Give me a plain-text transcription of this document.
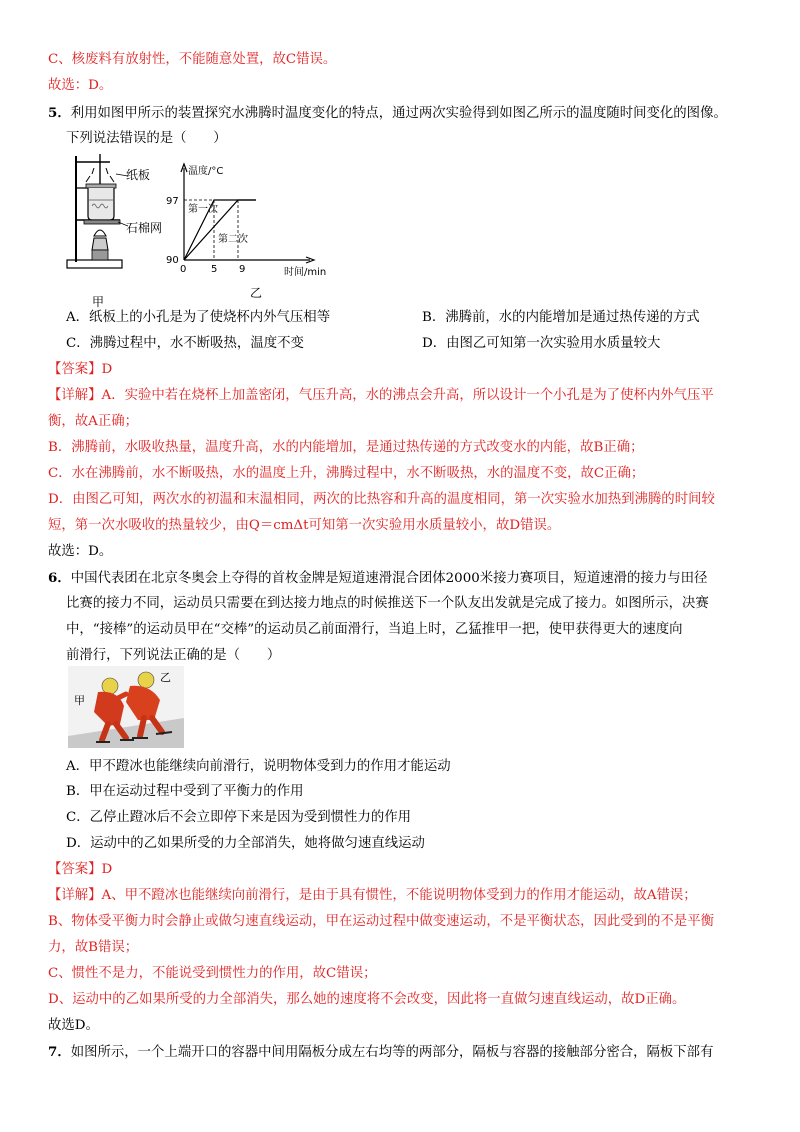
C、核废料有放射性，不能随意处置，故C错误。
故选：D。
5．利用如图甲所示的装置探究水沸腾时温度变化的特点，通过两次实验得到如图乙所示的温度随时间变化的图像。
下列说法错误的是（　　）
纸板
石棉网
甲
温度/°C
时间/min
97
90
0 5 9
第一次
第二次
乙
A．纸板上的小孔是为了使烧杯内外气压相等	B．沸腾前，水的内能增加是通过热传递的方式
C．沸腾过程中，水不断吸热，温度不变	D．由图乙可知第一次实验用水质量较大
【答案】D
【详解】A．实验中若在烧杯上加盖密闭，气压升高，水的沸点会升高，所以设计一个小孔是为了使杯内外气压平
衡，故A正确；
B．沸腾前，水吸收热量，温度升高，水的内能增加，是通过热传递的方式改变水的内能，故B正确；
C．水在沸腾前，水不断吸热，水的温度上升，沸腾过程中，水不断吸热，水的温度不变，故C正确；
D．由图乙可知，两次水的初温和末温相同，两次的比热容和升高的温度相同，第一次实验水加热到沸腾的时间较
短，第一次水吸收的热量较少，由Q＝cmΔt可知第一次实验用水质量较小，故D错误。
故选：D。
6．中国代表团在北京冬奥会上夺得的首枚金牌是短道速滑混合团体2000米接力赛项目，短道速滑的接力与田径
比赛的接力不同，运动员只需要在到达接力地点的时候推送下一个队友出发就是完成了接力。如图所示，决赛
中，“接棒”的运动员甲在“交棒”的运动员乙前面滑行，当追上时，乙猛推甲一把，使甲获得更大的速度向
前滑行，下列说法正确的是（　　）
甲
乙
A．甲不蹬冰也能继续向前滑行，说明物体受到力的作用才能运动
B．甲在运动过程中受到了平衡力的作用
C．乙停止蹬冰后不会立即停下来是因为受到惯性力的作用
D．运动中的乙如果所受的力全部消失，她将做匀速直线运动
【答案】D
【详解】A、甲不蹬冰也能继续向前滑行，是由于具有惯性，不能说明物体受到力的作用才能运动，故A错误；
B、物体受平衡力时会静止或做匀速直线运动，甲在运动过程中做变速运动，不是平衡状态，因此受到的不是平衡
力，故B错误；
C、惯性不是力，不能说受到惯性力的作用，故C错误；
D、运动中的乙如果所受的力全部消失，那么她的速度将不会改变，因此将一直做匀速直线运动，故D正确。
故选D。
7．如图所示，一个上端开口的容器中间用隔板分成左右均等的两部分，隔板与容器的接触部分密合，隔板下部有
